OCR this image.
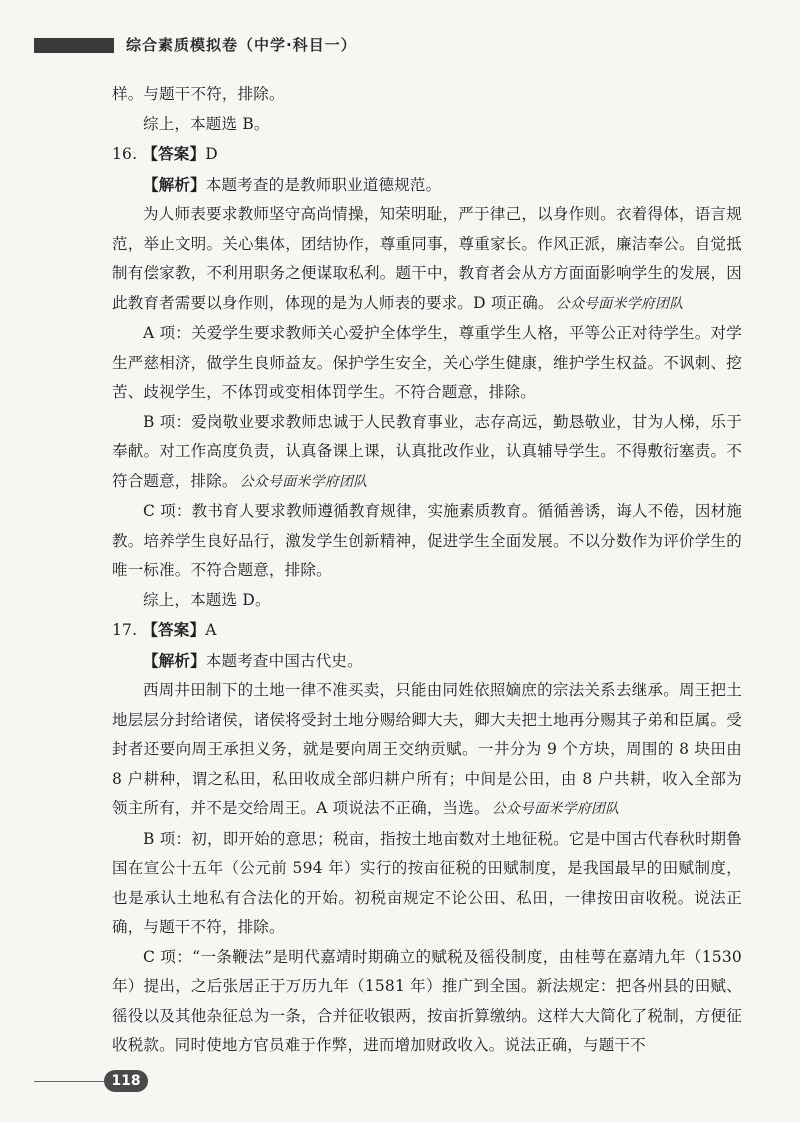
综合素质模拟卷（中学·科目一）

样。与题干不符，排除。

综上，本题选 B。

16. 【答案】D

【解析】本题考查的是教师职业道德规范。

为人师表要求教师坚守高尚情操，知荣明耻，严于律己，以身作则。衣着得体，语言规范，举止文明。关心集体，团结协作，尊重同事，尊重家长。作风正派，廉洁奉公。自觉抵制有偿家教，不利用职务之便谋取私利。题干中，教育者会从方方面面影响学生的发展，因此教育者需要以身作则，体现的是为人师表的要求。D 项正确。 公众号面米学府团队

A 项：关爱学生要求教师关心爱护全体学生，尊重学生人格，平等公正对待学生。对学生严慈相济，做学生良师益友。保护学生安全，关心学生健康，维护学生权益。不讽刺、挖苦、歧视学生，不体罚或变相体罚学生。不符合题意，排除。

B 项：爱岗敬业要求教师忠诚于人民教育事业，志存高远，勤恳敬业，甘为人梯，乐于奉献。对工作高度负责，认真备课上课，认真批改作业，认真辅导学生。不得敷衍塞责。不符合题意，排除。 公众号面米学府团队

C 项：教书育人要求教师遵循教育规律，实施素质教育。循循善诱，诲人不倦，因材施教。培养学生良好品行，激发学生创新精神，促进学生全面发展。不以分数作为评价学生的唯一标准。不符合题意，排除。

综上，本题选 D。

17. 【答案】A

【解析】本题考查中国古代史。

西周井田制下的土地一律不准买卖，只能由同姓依照嫡庶的宗法关系去继承。周王把土地层层分封给诸侯，诸侯将受封土地分赐给卿大夫，卿大夫把土地再分赐其子弟和臣属。受封者还要向周王承担义务，就是要向周王交纳贡赋。一井分为 9 个方块，周围的 8 块田由 8 户耕种，谓之私田，私田收成全部归耕户所有；中间是公田，由 8 户共耕，收入全部为领主所有，并不是交给周王。A 项说法不正确，当选。 公众号面米学府团队

B 项：初，即开始的意思；税亩，指按土地亩数对土地征税。它是中国古代春秋时期鲁国在宣公十五年（公元前 594 年）实行的按亩征税的田赋制度，是我国最早的田赋制度，也是承认土地私有合法化的开始。初税亩规定不论公田、私田，一律按田亩收税。说法正确，与题干不符，排除。

C 项：“一条鞭法”是明代嘉靖时期确立的赋税及徭役制度，由桂萼在嘉靖九年（1530 年）提出，之后张居正于万历九年（1581 年）推广到全国。新法规定：把各州县的田赋、徭役以及其他杂征总为一条，合并征收银两，按亩折算缴纳。这样大大简化了税制，方便征收税款。同时使地方官员难于作弊，进而增加财政收入。说法正确，与题干不

118
